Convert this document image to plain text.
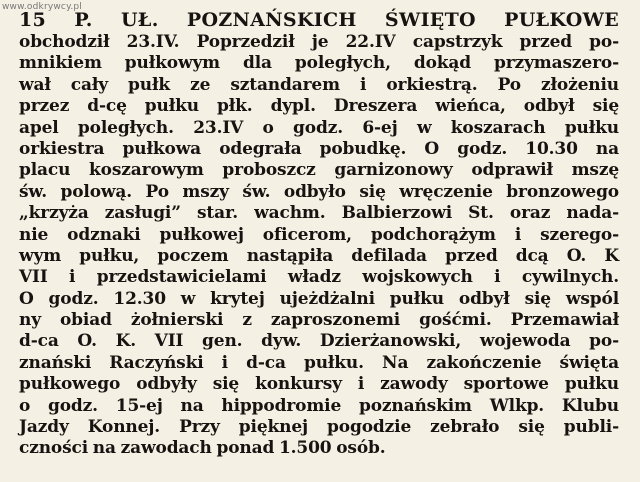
www.odkrywcy.pl
15 P. UŁ. POZNAŃSKICH ŚWIĘTO PUŁKOWE
obchodził 23.IV. Poprzedził je 22.IV capstrzyk przed po-
mnikiem pułkowym dla poległych, dokąd przymaszero-
wał cały pułk ze sztandarem i orkiestrą. Po złożeniu
przez d-cę pułku płk. dypl. Dreszera wieńca, odbył się
apel poległych. 23.IV o godz. 6-ej w koszarach pułku
orkiestra pułkowa odegrała pobudkę. O godz. 10.30 na
placu koszarowym proboszcz garnizonowy odprawił mszę
św. polową. Po mszy św. odbyło się wręczenie bronzowego
„krzyża zasługi” star. wachm. Balbierzowi St. oraz nada-
nie odznaki pułkowej oficerom, podchorążym i szerego-
wym pułku, poczem nastąpiła defilada przed dcą O. K
VII i przedstawicielami władz wojskowych i cywilnych.
O godz. 12.30 w krytej ujeżdżalni pułku odbył się wspól
ny obiad żołnierski z zaproszonemi gośćmi. Przemawiał
d-ca O. K. VII gen. dyw. Dzierżanowski, wojewoda po-
znański Raczyński i d-ca pułku. Na zakończenie święta
pułkowego odbyły się konkursy i zawody sportowe pułku
o godz. 15-ej na hippodromie poznańskim Wlkp. Klubu
Jazdy Konnej. Przy pięknej pogodzie zebrało się publi-
czności na zawodach ponad 1.500 osób.
